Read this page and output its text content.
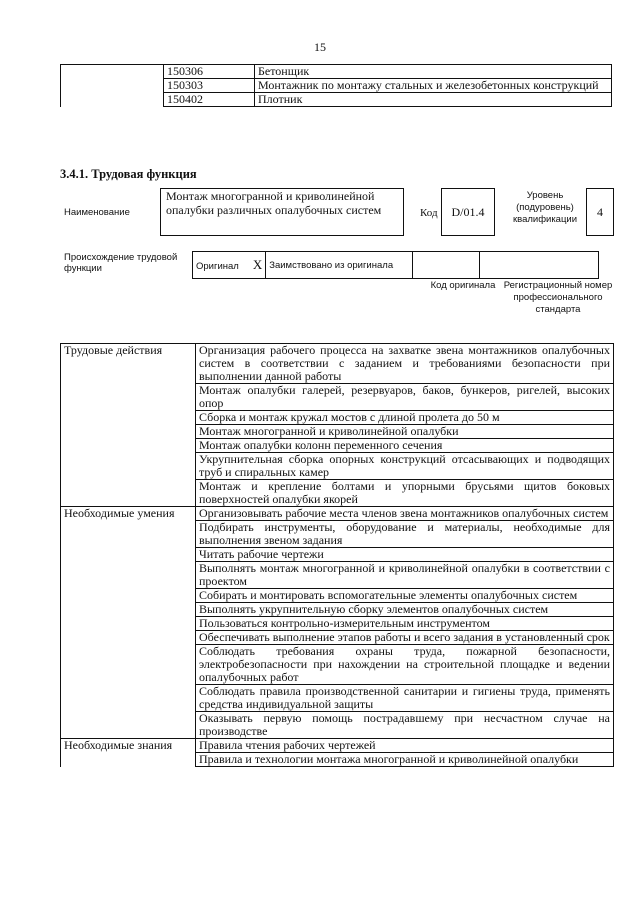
15
	150306	Бетонщик
	150303	Монтажник по монтажу стальных и железобетонных конструкций
	150402	Плотник
3.4.1. Трудовая функция
Наименование
Монтаж многогранной и криволинейной опалубки различных опалубочных систем	Код	D/01.4
Уровень (подуровень) квалификации
4
Происхождение трудовой функции	Оригинал X	Заимствовано из оригинала		
Код оригинала Регистрационный номер профессионального стандарта
Трудовые действия	Организация рабочего процесса на захватке звена монтажников опалубочных систем в соответствии с заданием и требованиями безопасности при выполнении данной работы
	Монтаж опалубки галерей, резервуаров, баков, бункеров, ригелей, высоких опор
	Сборка и монтаж кружал мостов с длиной пролета до 50 м
	Монтаж многогранной и криволинейной опалубки
	Монтаж опалубки колонн переменного сечения
	Укрупнительная сборка опорных конструкций отсасывающих и подводящих труб и спиральных камер
	Монтаж и крепление болтами и упорными брусьями щитов боковых поверхностей опалубки якорей
Необходимые умения	Организовывать рабочие места членов звена монтажников опалубочных систем
	Подбирать инструменты, оборудование и материалы, необходимые для выполнения звеном задания
	Читать рабочие чертежи
	Выполнять монтаж многогранной и криволинейной опалубки в соответствии с проектом
	Собирать и монтировать вспомогательные элементы опалубочных систем
	Выполнять укрупнительную сборку элементов опалубочных систем
	Пользоваться контрольно-измерительным инструментом
	Обеспечивать выполнение этапов работы и всего задания в установленный срок
	Соблюдать требования охраны труда, пожарной безопасности, электробезопасности при нахождении на строительной площадке и ведении опалубочных работ
	Соблюдать правила производственной санитарии и гигиены труда, применять средства индивидуальной защиты
	Оказывать первую помощь пострадавшему при несчастном случае на производстве
Необходимые знания	Правила чтения рабочих чертежей
	Правила и технологии монтажа многогранной и криволинейной опалубки
